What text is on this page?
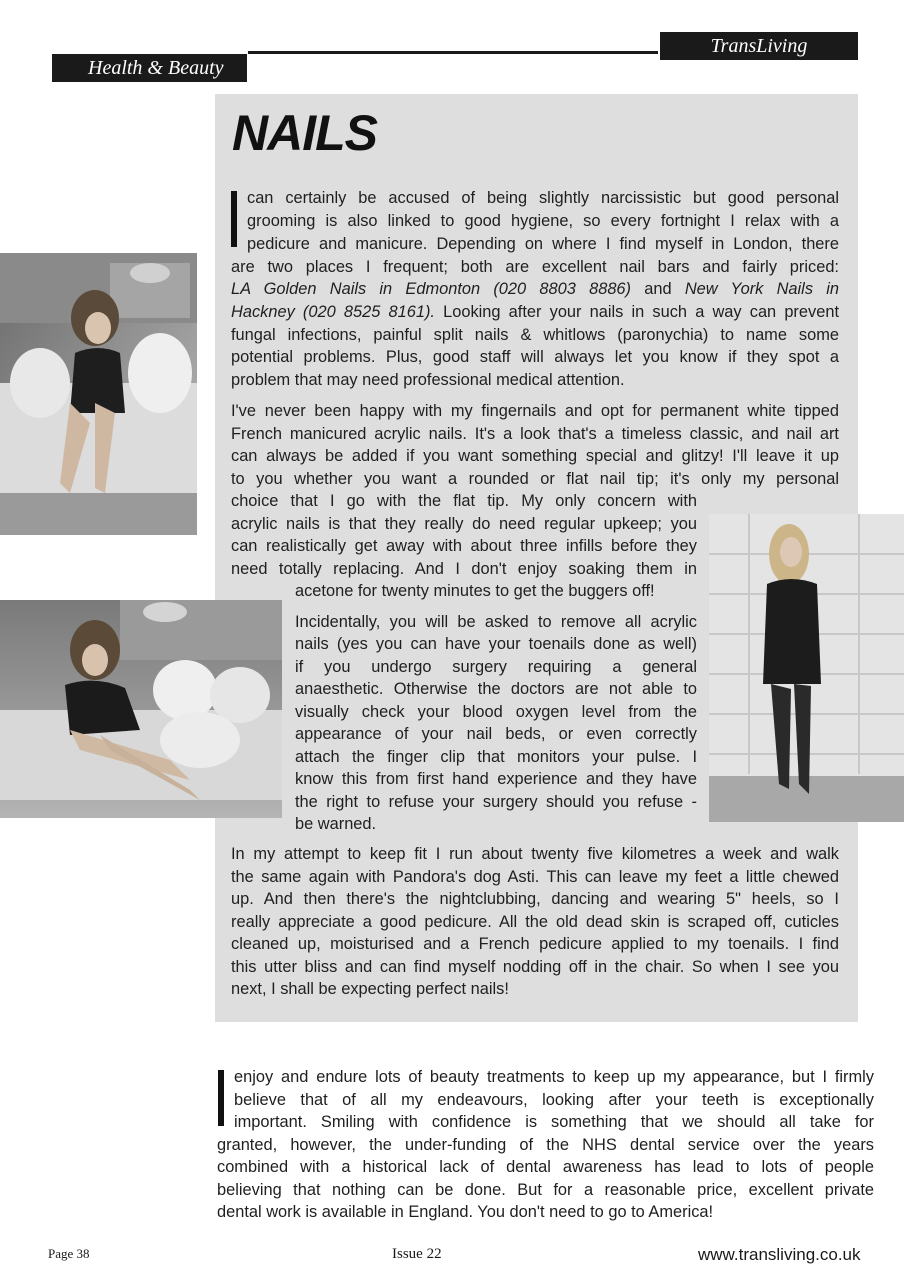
Health & Beauty
TransLiving International
NAILS
can certainly be accused of being slightly narcissistic but good personal
grooming is also linked to good hygiene, so every fortnight I relax with a
pedicure and manicure. Depending on where I find myself in London, there
are two places I frequent; both are excellent nail bars and fairly priced:
LA Golden Nails in Edmonton (020 8803 8886) and New York Nails in
Hackney (020 8525 8161). Looking after your nails in such a way can prevent
fungal infections, painful split nails & whitlows (paronychia) to name some
potential problems. Plus, good staff will always let you know if they spot a
problem that may need professional medical attention.
I've never been happy with my fingernails and opt for permanent white tipped
French manicured acrylic nails. It's a look that's a timeless classic, and nail art
can always be added if you want something special and glitzy! I'll leave it up
to you whether you want a rounded or flat nail tip; it's only my personal
choice that I go with the flat tip. My only concern with
acrylic nails is that they really do need regular upkeep; you
can realistically get away with about three infills before they
need totally replacing. And I don't enjoy soaking them in
acetone for twenty minutes to get the buggers off!
Incidentally, you will be asked to remove all acrylic
nails (yes you can have your toenails done as well)
if you undergo surgery requiring a general
anaesthetic. Otherwise the doctors are not able to
visually check your blood oxygen level from the
appearance of your nail beds, or even correctly
attach the finger clip that monitors your pulse. I
know this from first hand experience and they have
the right to refuse your surgery should you refuse -
be warned.
In my attempt to keep fit I run about twenty five kilometres a week and walk
the same again with Pandora's dog Asti. This can leave my feet a little chewed
up. And then there's the nightclubbing, dancing and wearing 5" heels, so I
really appreciate a good pedicure. All the old dead skin is scraped off, cuticles
cleaned up, moisturised and a French pedicure applied to my toenails. I find
this utter bliss and can find myself nodding off in the chair. So when I see you
next, I shall be expecting perfect nails!
enjoy and endure lots of beauty treatments to keep up my appearance, but I firmly
believe that of all my endeavours, looking after your teeth is exceptionally
important. Smiling with confidence is something that we should all take for
granted, however, the under-funding of the NHS dental service over the years
combined with a historical lack of dental awareness has lead to lots of people
believing that nothing can be done. But for a reasonable price, excellent private
dental work is available in England. You don't need to go to America!
Page 38	Issue 22	www.transliving.co.uk
